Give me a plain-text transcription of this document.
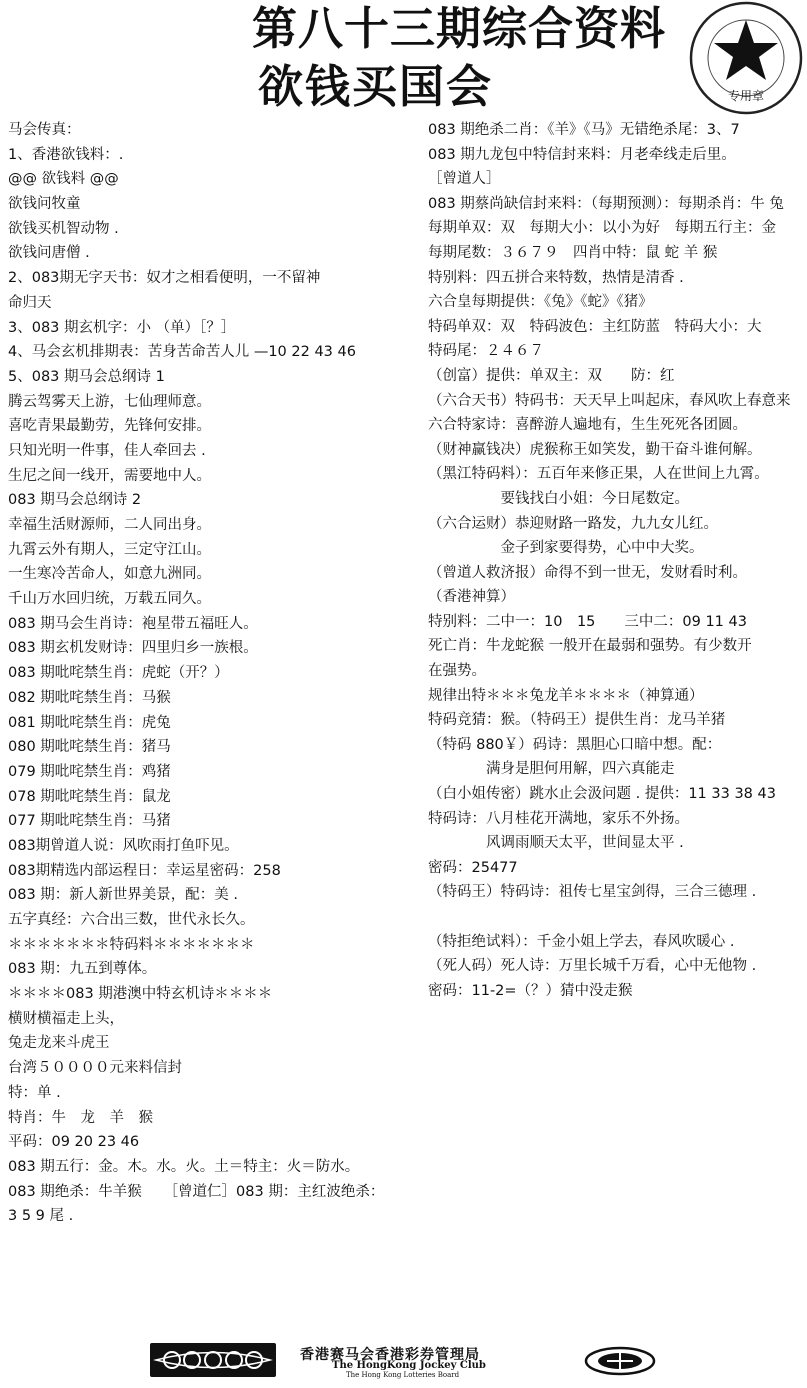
第八十三期综合资料
欲钱买国会	专用章
马会传真：
1、香港欲钱料：.
@@ 欲钱料 @@
欲钱问牧童
欲钱买机智动物 .
欲钱问唐僧 .
2、083期无字天书：奴才之相看便明，一不留神
命归天
3、083 期玄机字：小 （单）［？］
4、马会玄机排期表：苦身苦命苦人儿 —10 22 43 46
5、083 期马会总纲诗 1
腾云驾雾天上游，七仙理师意。
喜吃青果最勤劳，先锋何安排。
只知光明一件事，佳人牵回去 .
生尼之间一线开，需要地中人。
083 期马会总纲诗 2
幸福生活财源师，二人同出身。
九霄云外有期人，三定守江山。
一生寒冷苦命人，如意九洲同。
千山万水回归统，万载五同久。
083 期马会生肖诗：袍星带五福旺人。
083 期玄机发财诗：四里归乡一族根。
083 期吡咤禁生肖：虎蛇（开？）
082 期吡咤禁生肖：马猴
081 期吡咤禁生肖：虎兔
080 期吡咤禁生肖：猪马
079 期吡咤禁生肖：鸡猪
078 期吡咤禁生肖：鼠龙
077 期吡咤禁生肖：马猪
083期曾道人说：风吹雨打鱼吓见。
083期精选内部运程日：幸运星密码：258
083 期：新人新世界美景，配：美 .
五字真经：六合出三数，世代永长久。
＊＊＊＊＊＊＊特码料＊＊＊＊＊＊＊
083 期：九五到尊体。
＊＊＊＊083 期港澳中特玄机诗＊＊＊＊
横财横福走上头，
兔走龙来斗虎王
台湾５００００元来料信封
特：单 .
特肖：牛　龙　羊　猴
平码：09 20 23 46
083 期五行：金。木。水。火。土＝特主：火＝防水。
083 期绝杀：牛羊猴　　［曾道仁］083 期：主红波绝杀：
3 5 9 尾 .
083 期绝杀二肖：《羊》《马》无错绝杀尾：3、7
083 期九龙包中特信封来料：月老牵线走后里。
［曾道人］
083 期蔡尚缺信封来料：（每期预测）：每期杀肖：牛 兔
每期单双：双　每期大小：以小为好　每期五行主：金
每期尾数：３６７９　四肖中特：鼠 蛇 羊 猴
特别料：四五拼合来特数，热情是清香 .
六合皇每期提供：《兔》《蛇》《猪》
特码单双：双　特码波色：主红防蓝　特码大小：大
特码尾：２４６７
（创富）提供：单双主：双　　防：红
（六合天书）特码书：天天早上叫起床，春风吹上春意来
六合特家诗：喜醉游人遍地有，生生死死各团圆。
（财神赢钱决）虎猴称王如笑发，勤干奋斗谁何解。
（黑江特码料）：五百年来修正果，人在世间上九霄。
　　　　　要钱找白小姐：今日尾数定。
（六合运财）恭迎财路一路发，九九女儿红。
　　　　　金子到家要得势，心中中大奖。
（曾道人救济报）命得不到一世无，发财看时利。
（香港神算）
特别料：二中一：10　15　　三中二：09 11 43
死亡肖：牛龙蛇猴 一般开在最弱和强势。有少数开
在强势。
规律出特＊＊＊兔龙羊＊＊＊＊（神算通）
特码竞猜：猴。（特码王）提供生肖：龙马羊猪
（特码 880￥）码诗：黑胆心口暗中想。配：
　　　　满身是胆何用解，四六真能走
（白小姐传密）跳水止会汲问题 . 提供：11 33 38 43
特码诗：八月桂花开满地，家乐不外扬。
　　　　风调雨顺天太平，世间显太平 .
密码：25477
（特码王）特码诗：祖传七星宝剑得，三合三德理 .
（特拒绝试料）：千金小姐上学去，春风吹暖心 .
（死人码）死人诗：万里长城千万看，心中无他物 .
密码：11-2=（？）猜中没走猴
香港赛马会香港彩券管理局
The HongKong Jockey Club
The Hong Kong Lotteries Board
